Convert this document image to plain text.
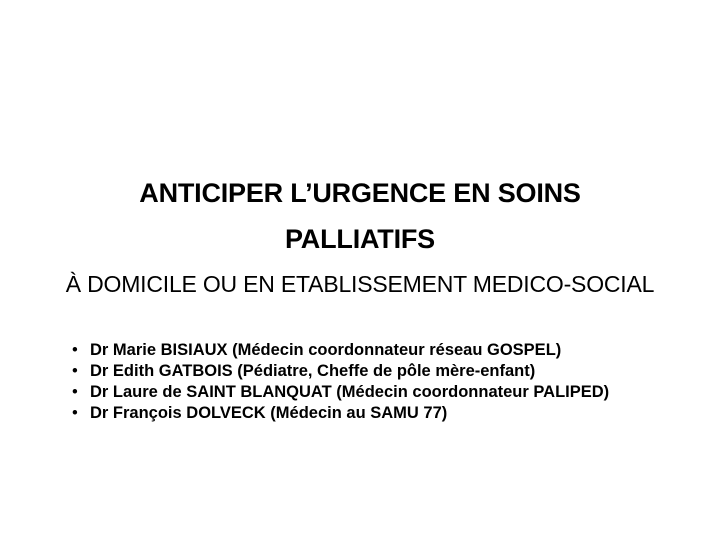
ANTICIPER L’URGENCE EN SOINS
PALLIATIFS
À DOMICILE OU EN ETABLISSEMENT MEDICO-SOCIAL
• Dr Marie BISIAUX (Médecin coordonnateur réseau GOSPEL)
• Dr Edith GATBOIS (Pédiatre, Cheffe de pôle mère-enfant)
• Dr Laure de SAINT BLANQUAT (Médecin coordonnateur PALIPED)
• Dr François DOLVECK (Médecin au SAMU 77)
